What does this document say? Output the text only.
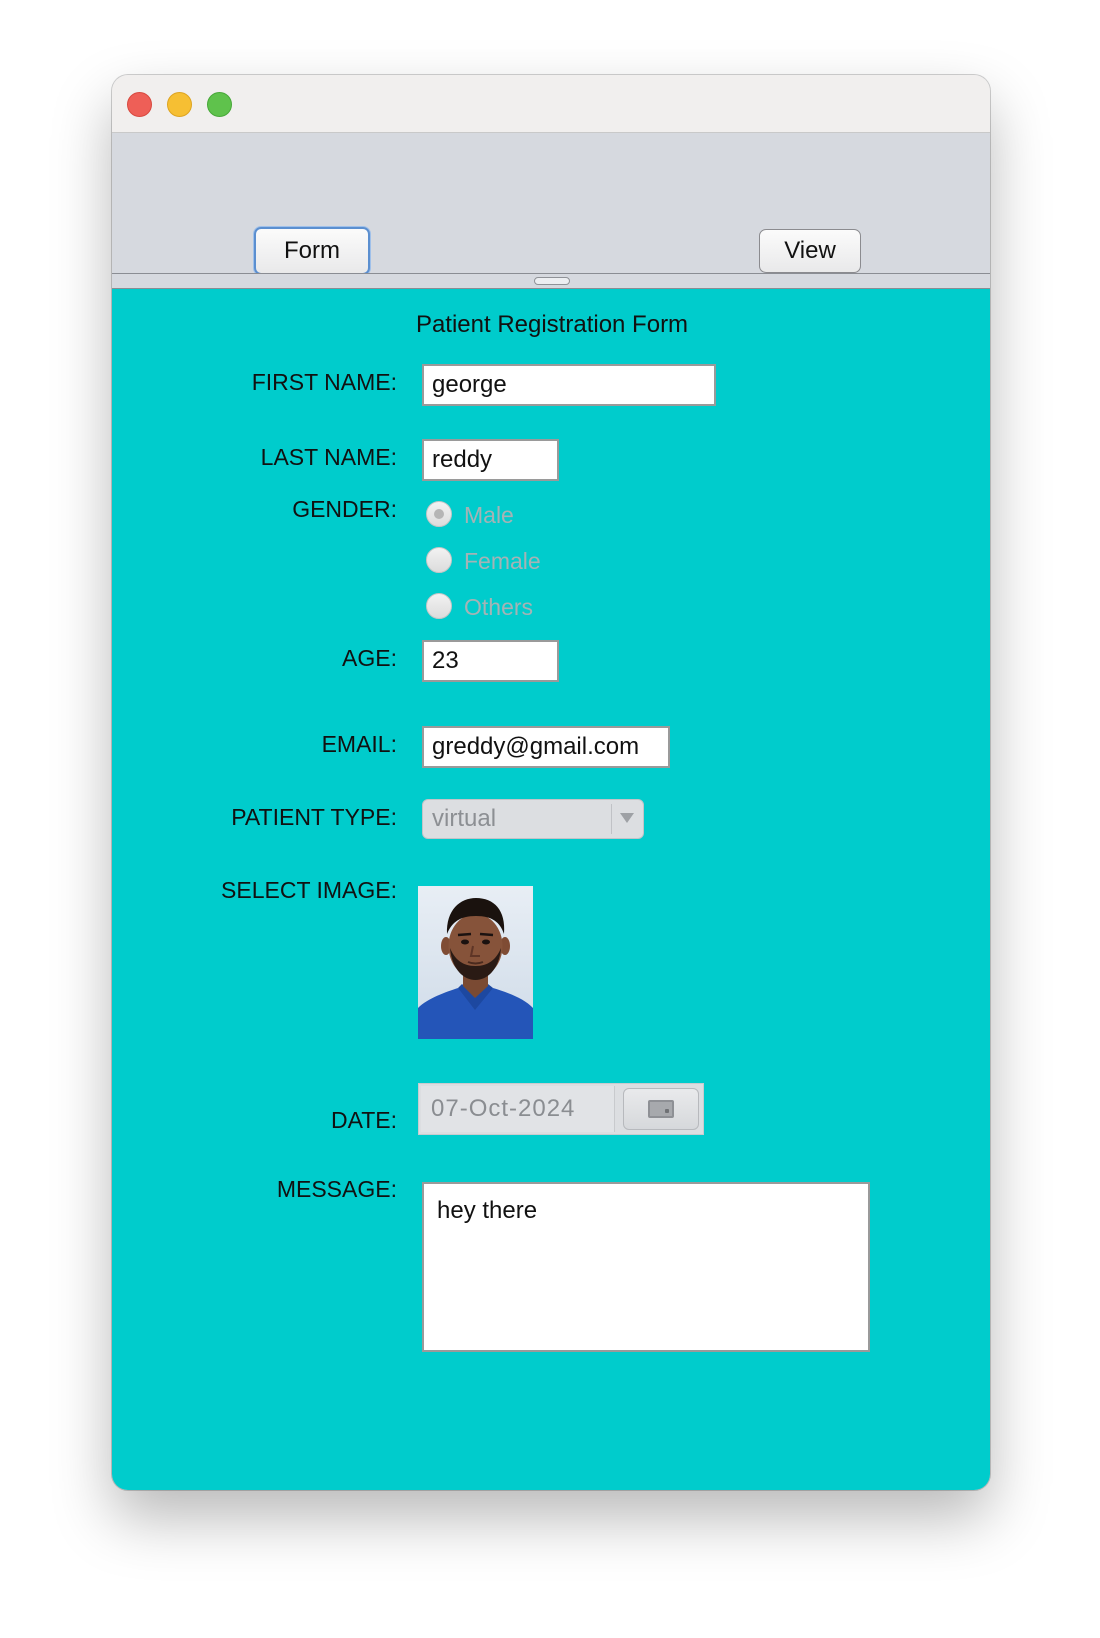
Form	View
Patient Registration Form
FIRST NAME:	george
LAST NAME:	reddy
GENDER:	Male
Female
Others
AGE:	23
EMAIL:	greddy@gmail.com
PATIENT TYPE: virtual
SELECT IMAGE:
DATE:	07-Oct-2024
MESSAGE:
hey there
